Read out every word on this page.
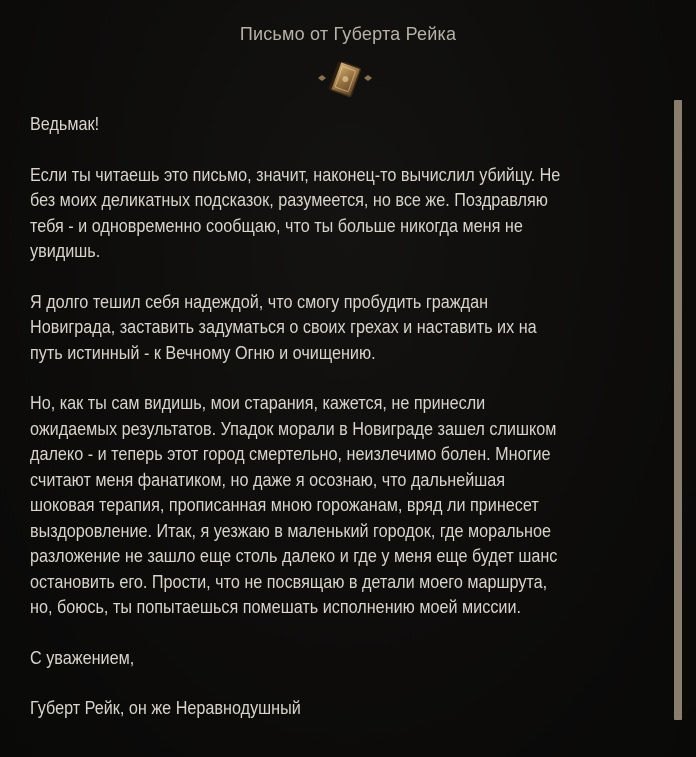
Письмо от Губерта Рейка

Ведьмак!

Если ты читаешь это письмо, значит, наконец-то вычислил убийцу. Не
без моих деликатных подсказок, разумеется, но все же. Поздравляю
тебя - и одновременно сообщаю, что ты больше никогда меня не
увидишь.

Я долго тешил себя надеждой, что смогу пробудить граждан
Новиграда, заставить задуматься о своих грехах и наставить их на
путь истинный - к Вечному Огню и очищению.

Но, как ты сам видишь, мои старания, кажется, не принесли
ожидаемых результатов. Упадок морали в Новиграде зашел слишком
далеко - и теперь этот город смертельно, неизлечимо болен. Многие
считают меня фанатиком, но даже я осознаю, что дальнейшая
шоковая терапия, прописанная мною горожанам, вряд ли принесет
выздоровление. Итак, я уезжаю в маленький городок, где моральное
разложение не зашло еще столь далеко и где у меня еще будет шанс
остановить его. Прости, что не посвящаю в детали моего маршрута,
но, боюсь, ты попытаешься помешать исполнению моей миссии.

С уважением,

Губерт Рейк, он же Неравнодушный
